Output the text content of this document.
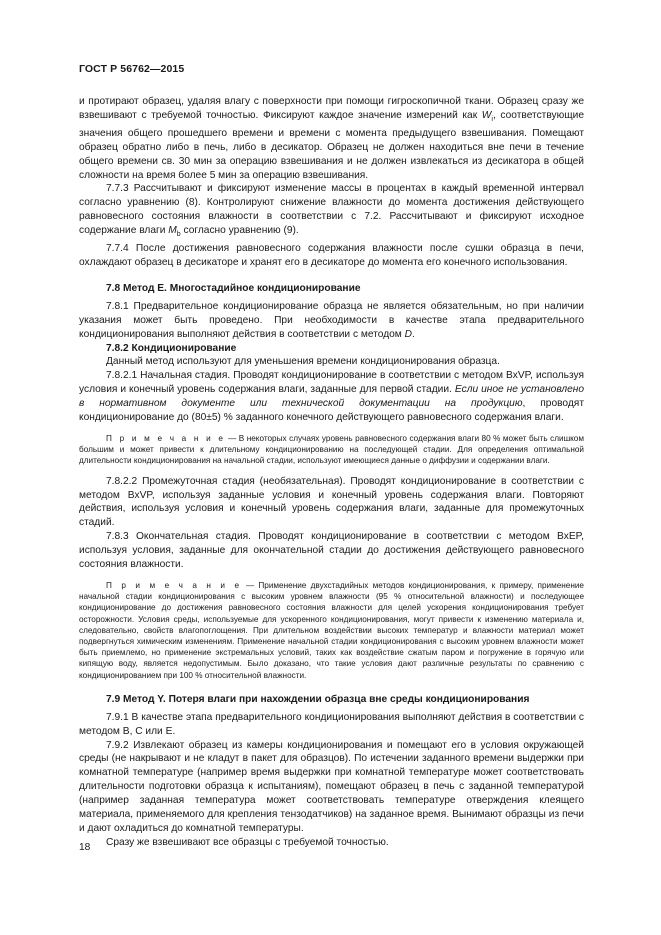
ГОСТ Р 56762—2015

и протирают образец, удаляя влагу с поверхности при помощи гигроскопичной ткани. Образец сразу же взвешивают с требуемой точностью. Фиксируют каждое значение измерений как $W_i$, соответствующие значения общего прошедшего времени и времени с момента предыдущего взвешивания. Помещают образец обратно либо в печь, либо в десикатор. Образец не должен находиться вне печи в течение общего времени св. 30 мин за операцию взвешивания и не должен извлекаться из десикатора в общей сложности на время более 5 мин за операцию взвешивания.

7.7.3 Рассчитывают и фиксируют изменение массы в процентах в каждый временной интервал согласно уравнению (8). Контролируют снижение влажности до момента достижения действующего равновесного состояния влажности в соответствии с 7.2. Рассчитывают и фиксируют исходное содержание влаги $M_b$ согласно уравнению (9).

7.7.4 После достижения равновесного содержания влажности после сушки образца в печи, охлаждают образец в десикаторе и хранят его в десикаторе до момента его конечного использования.

7.8 Метод E. Многостадийное кондиционирование

7.8.1 Предварительное кондиционирование образца не является обязательным, но при наличии указания может быть проведено. При необходимости в качестве этапа предварительного кондиционирования выполняют действия в соответствии с методом D.

7.8.2 Кондиционирование

Данный метод используют для уменьшения времени кондиционирования образца.

7.8.2.1 Начальная стадия. Проводят кондиционирование в соответствии с методом BxVP, используя условия и конечный уровень содержания влаги, заданные для первой стадии. Если иное не установлено в нормативном документе или технической документации на продукцию, проводят кондиционирование до (80±5) % заданного конечного действующего равновесного содержания влаги.

П р и м е ч а н и е — В некоторых случаях уровень равновесного содержания влаги 80 % может быть слишком большим и может привести к длительному кондиционированию на последующей стадии. Для определения оптимальной длительности кондиционирования на начальной стадии, используют имеющиеся данные о диффузии и содержании влаги.

7.8.2.2 Промежуточная стадия (необязательная). Проводят кондиционирование в соответствии с методом BxVP, используя заданные условия и конечный уровень содержания влаги. Повторяют действия, используя условия и конечный уровень содержания влаги, заданные для промежуточных стадий.

7.8.3 Окончательная стадия. Проводят кондиционирование в соответствии с методом BxEP, используя условия, заданные для окончательной стадии до достижения действующего равновесного состояния влажности.

П р и м е ч а н и е — Применение двухстадийных методов кондиционирования, к примеру, применение начальной стадии кондиционирования с высоким уровнем влажности (95 % относительной влажности) и последующее кондиционирование до достижения равновесного состояния влажности для целей ускорения кондиционирования требует осторожности. Условия среды, используемые для ускоренного кондиционирования, могут привести к изменению материала и, следовательно, свойств влагопоглощения. При длительном воздействии высоких температур и влажности материал может подвергнуться химическим изменениям. Применение начальной стадии кондиционирования с высоким уровнем влажности может быть приемлемо, но применение экстремальных условий, таких как воздействие сжатым паром и погружение в горячую или кипящую воду, является недопустимым. Было доказано, что такие условия дают различные результаты по сравнению с кондиционированием при 100 % относительной влажности.

7.9 Метод Y. Потеря влаги при нахождении образца вне среды кондиционирования

7.9.1 В качестве этапа предварительного кондиционирования выполняют действия в соответствии с методом B, C или E.

7.9.2 Извлекают образец из камеры кондиционирования и помещают его в условия окружающей среды (не накрывают и не кладут в пакет для образцов). По истечении заданного времени выдержки при комнатной температуре (например время выдержки при комнатной температуре может соответствовать длительности подготовки образца к испытаниям), помещают образец в печь с заданной температурой (например заданная температура может соответствовать температуре отверждения клеящего материала, применяемого для крепления тензодатчиков) на заданное время. Вынимают образцы из печи и дают охладиться до комнатной температуры.

Сразу же взвешивают все образцы с требуемой точностью.

18
